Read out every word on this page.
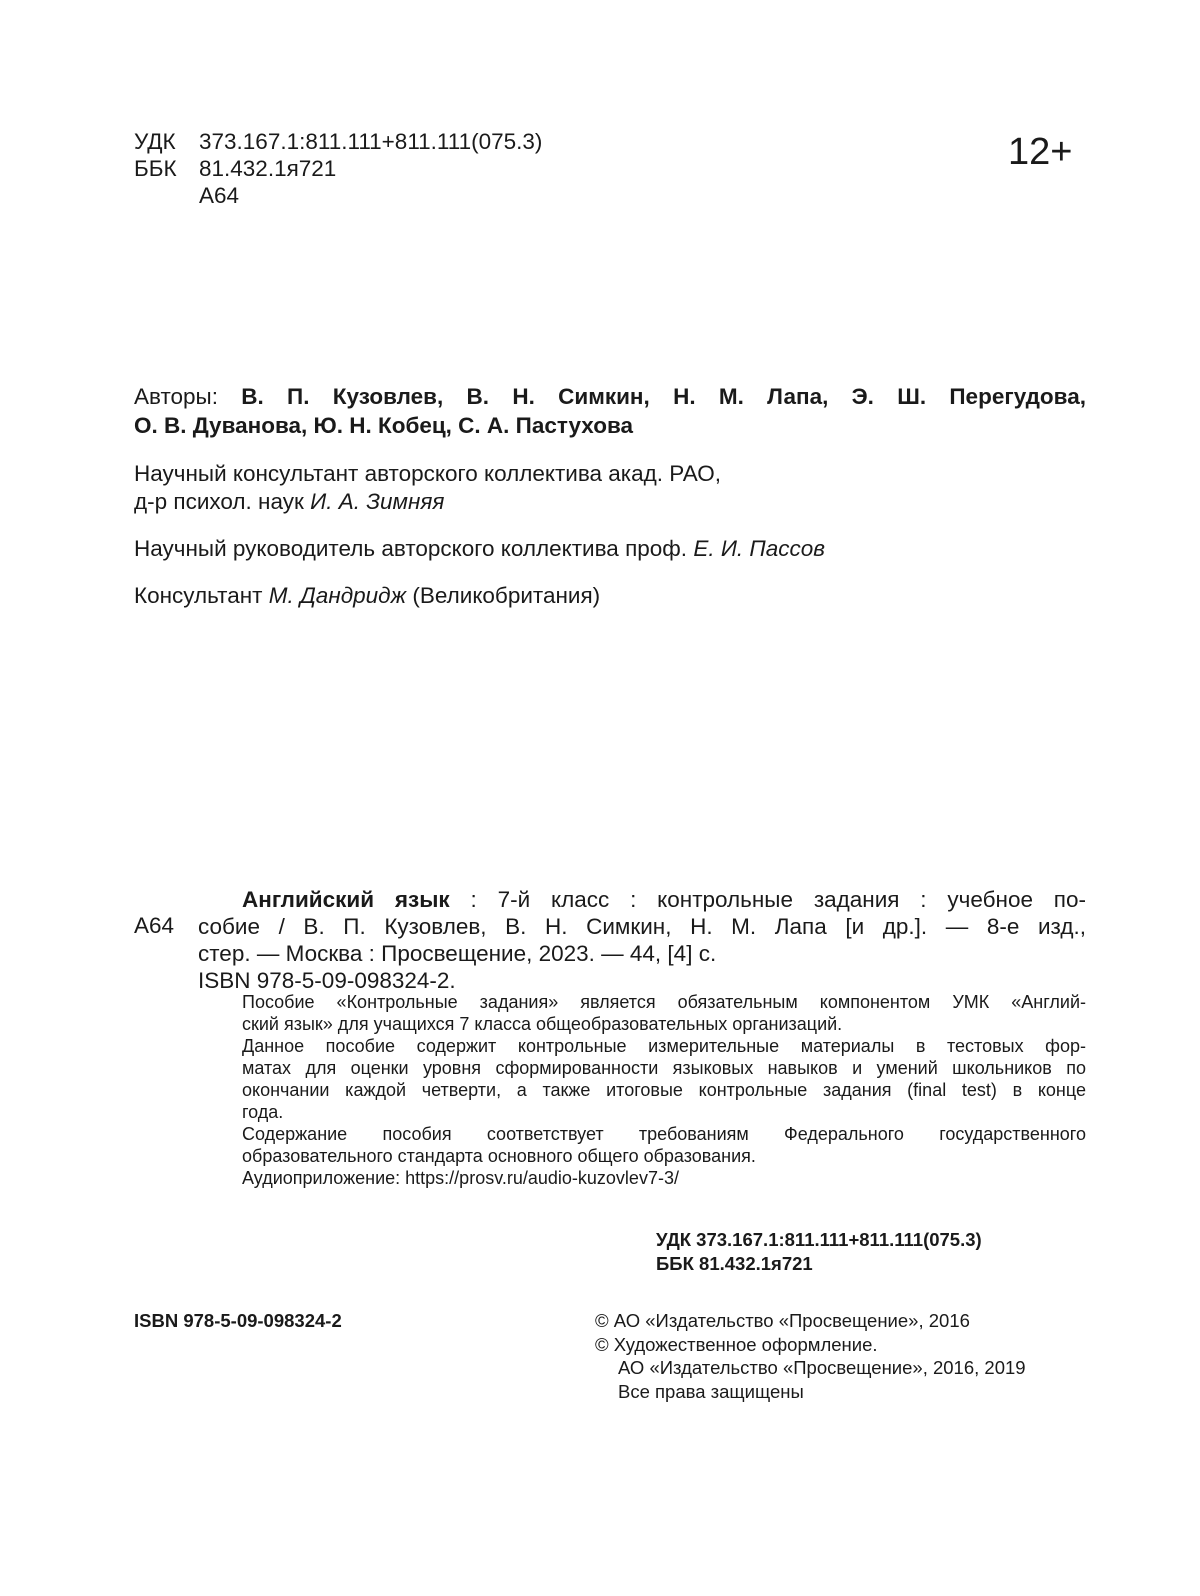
УДК	373.167.1:811.111+811.111(075.3)
ББК 81.432.1я721
А64
12+
Авторы: В. П. Кузовлев, В. Н. Симкин, Н. М. Лапа, Э. Ш. Перегудова,
О. В. Дуванова, Ю. Н. Кобец, С. А. Пастухова
Научный консультант авторского коллектива акад. РАО,
д-р психол. наук И. А. Зимняя
Научный руководитель авторского коллектива проф. Е. И. Пассов
Консультант М. Дандридж (Великобритания)
А64
Английский язык : 7-й класс : контрольные задания : учебное по-
собие / В. П. Кузовлев, В. Н. Симкин, Н. М. Лапа [и др.]. — 8-е изд.,
стер. — Москва : Просвещение, 2023. — 44, [4] с.
ISBN 978-5-09-098324-2.
Пособие «Контрольные задания» является обязательным компонентом УМК «Англий-
ский язык» для учащихся 7 класса общеобразовательных организаций.
Данное пособие содержит контрольные измерительные материалы в тестовых фор-
матах для оценки уровня сформированности языковых навыков и умений школьников по
окончании каждой четверти, а также итоговые контрольные задания (final test) в конце
года.
Содержание пособия соответствует требованиям Федерального государственного
образовательного стандарта основного общего образования.
Аудиоприложение: https://prosv.ru/audio-kuzovlev7-3/
УДК 373.167.1:811.111+811.111(075.3)
ББК 81.432.1я721
ISBN 978-5-09-098324-2	© АО «Издательство «Просвещение», 2016
© Художественное оформление.
АО «Издательство «Просвещение», 2016, 2019
Все права защищены
